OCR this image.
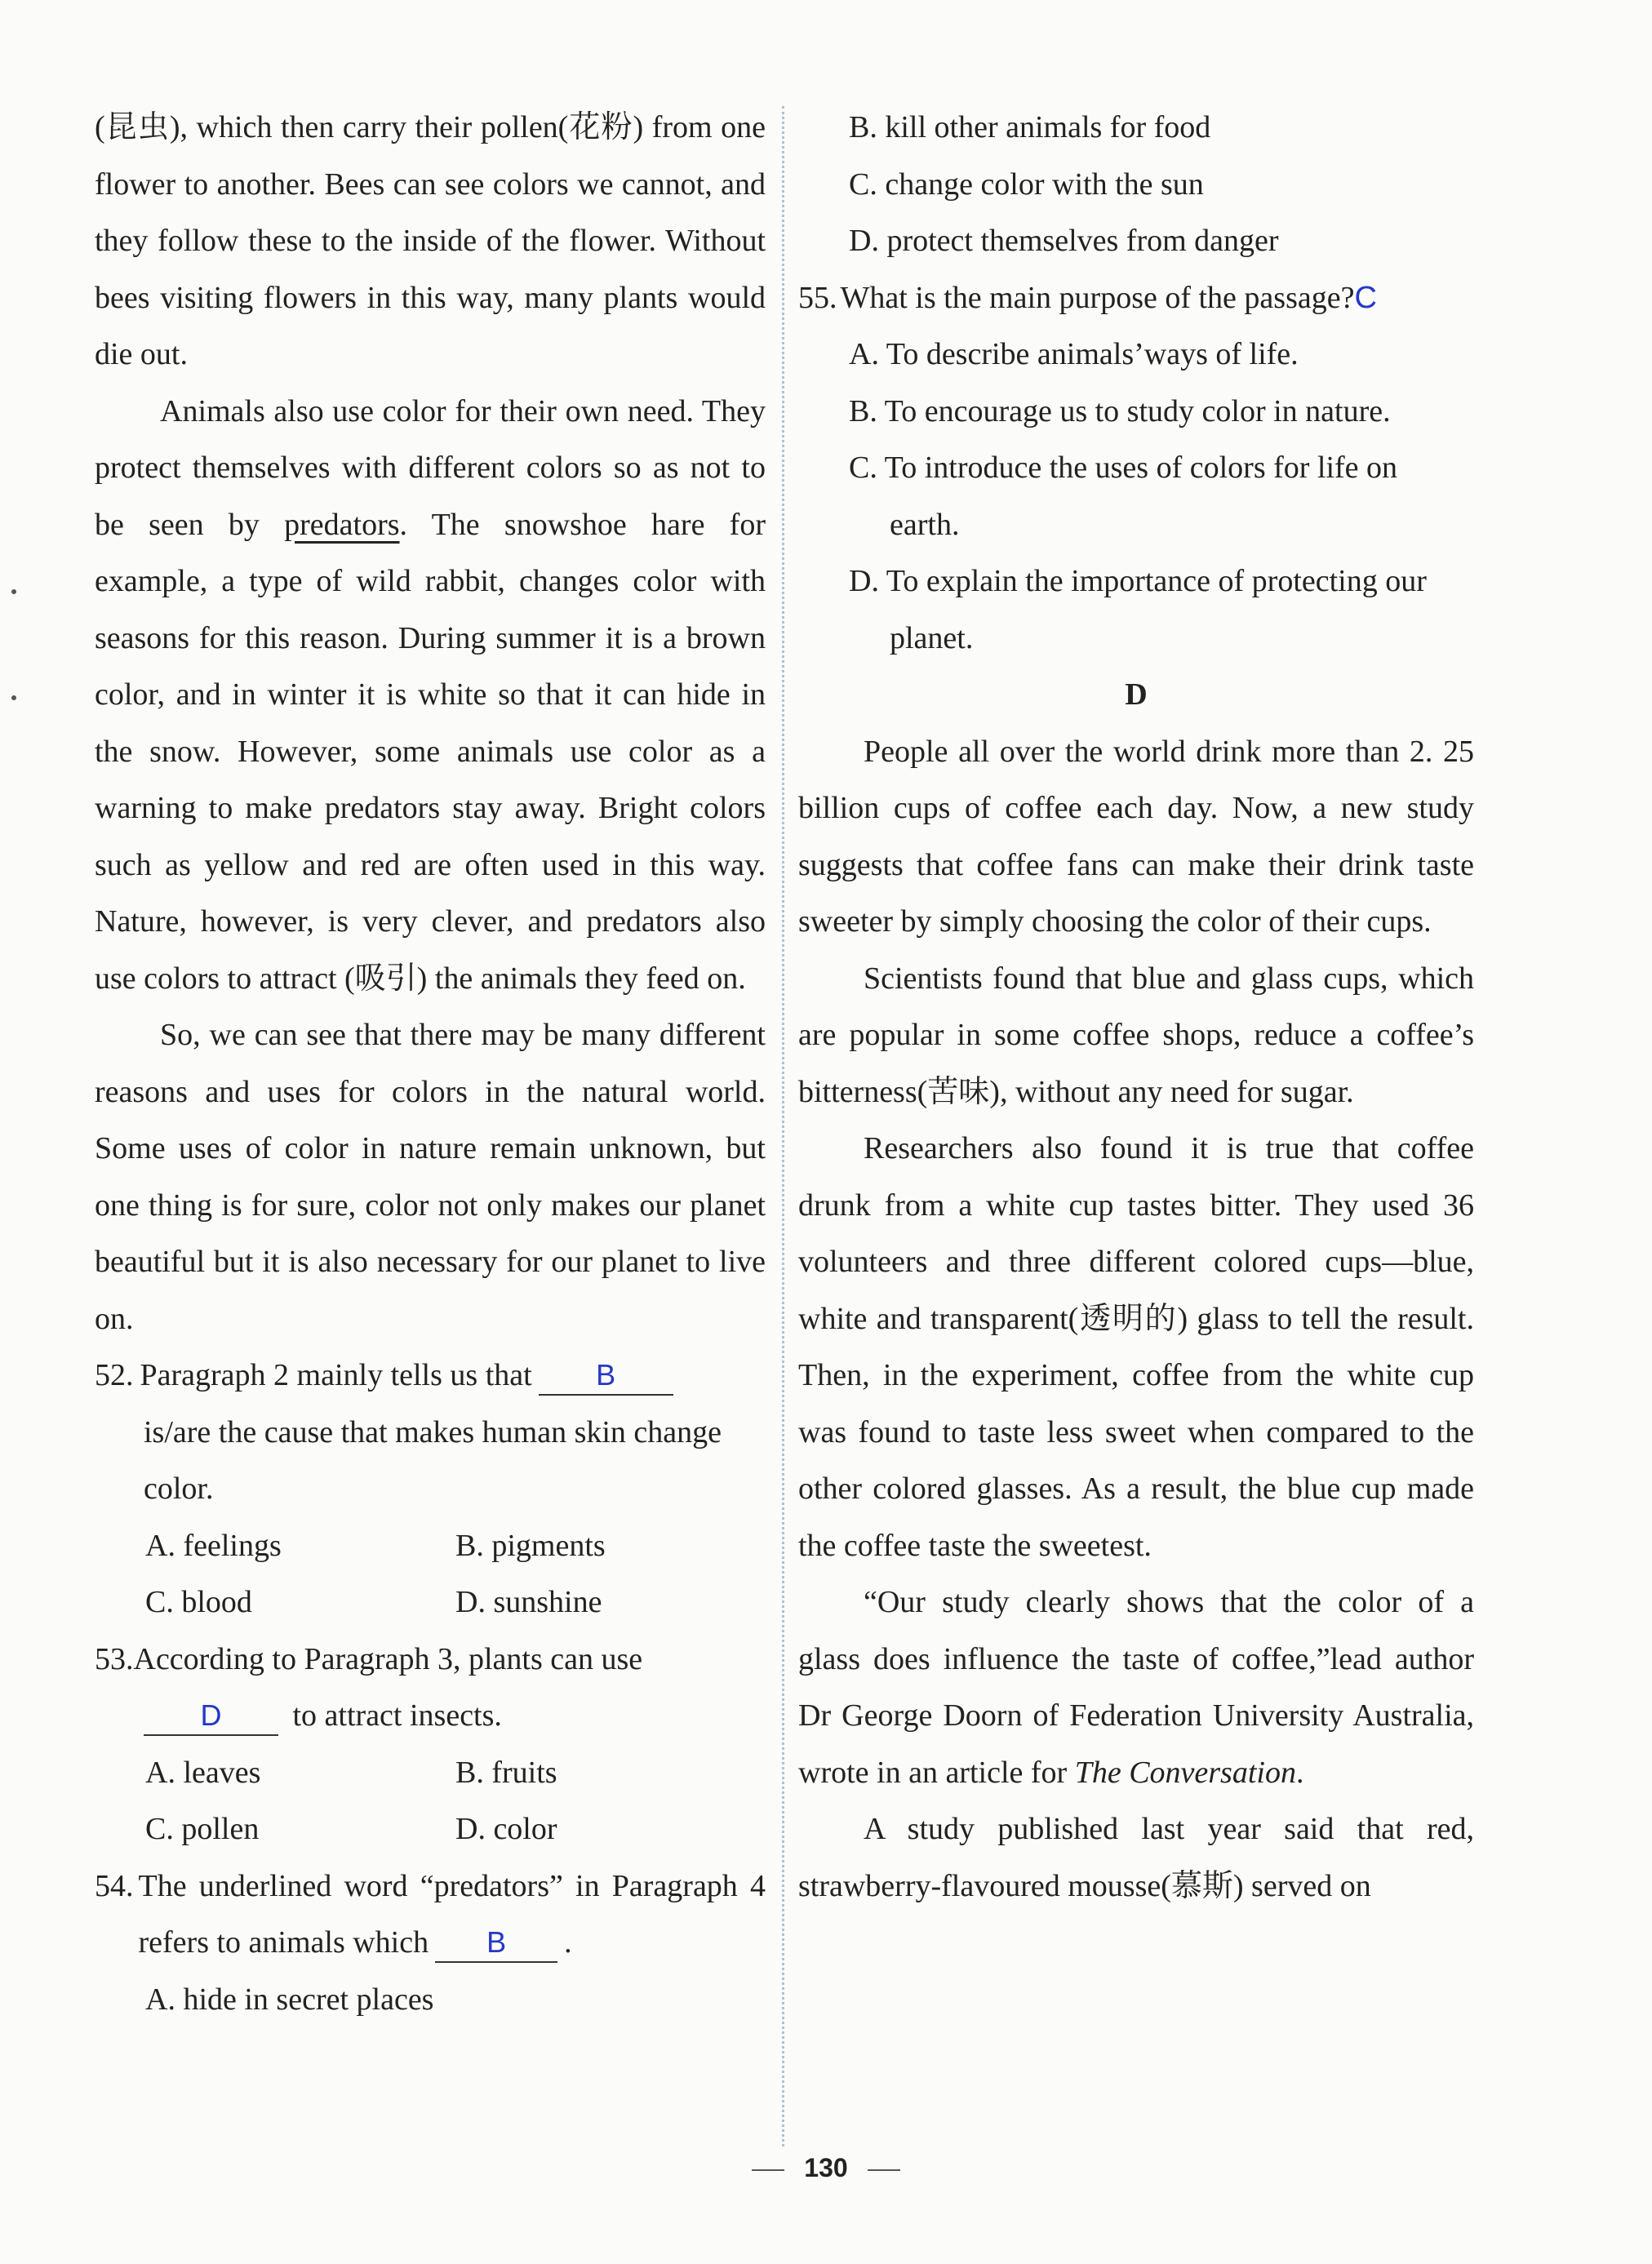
(昆虫), which then carry their pollen(花粉) from one flower to another. Bees can see colors we cannot, and they follow these to the inside of the flower. Without bees visiting flowers in this way, many plants would die out.

Animals also use color for their own need. They protect themselves with different colors so as not to be seen by predators. The snowshoe hare for example, a type of wild rabbit, changes color with seasons for this reason. During summer it is a brown color, and in winter it is white so that it can hide in the snow. However, some animals use color as a warning to make predators stay away. Bright colors such as yellow and red are often used in this way. Nature, however, is very clever, and predators also use colors to attract (吸引) the animals they feed on.

So, we can see that there may be many different reasons and uses for colors in the natural world. Some uses of color in nature remain unknown, but one thing is for sure, color not only makes our planet beautiful but it is also necessary for our planet to live on.

52. Paragraph 2 mainly tells us that B
is/are the cause that makes human skin change color.
A. feelings	B. pigments
C. blood	D. sunshine
53. According to Paragraph 3, plants can use
D to attract insects.
A. leaves	B. fruits
C. pollen	D. color
54. The underlined word “predators” in Paragraph 4 refers to animals which B .
A. hide in secret places
B. kill other animals for food
C. change color with the sun
D. protect themselves from danger
55. What is the main purpose of the passage?C
A. To describe animals’ways of life.
B. To encourage us to study color in nature.
C. To introduce the uses of colors for life on earth.
D. To explain the importance of protecting our planet.
D

People all over the world drink more than 2. 25 billion cups of coffee each day. Now, a new study suggests that coffee fans can make their drink taste sweeter by simply choosing the color of their cups.

Scientists found that blue and glass cups, which are popular in some coffee shops, reduce a coffee’s bitterness(苦味), without any need for sugar.

Researchers also found it is true that coffee drunk from a white cup tastes bitter. They used 36 volunteers and three different colored cups—blue, white and transparent(透明的) glass to tell the result. Then, in the experiment, coffee from the white cup was found to taste less sweet when compared to the other colored glasses. As a result, the blue cup made the coffee taste the sweetest.

“Our study clearly shows that the color of a glass does influence the taste of coffee,”lead author Dr George Doorn of Federation University Australia, wrote in an article for The Conversation.

A study published last year said that red, strawberry-flavoured mousse(慕斯) served on

130
